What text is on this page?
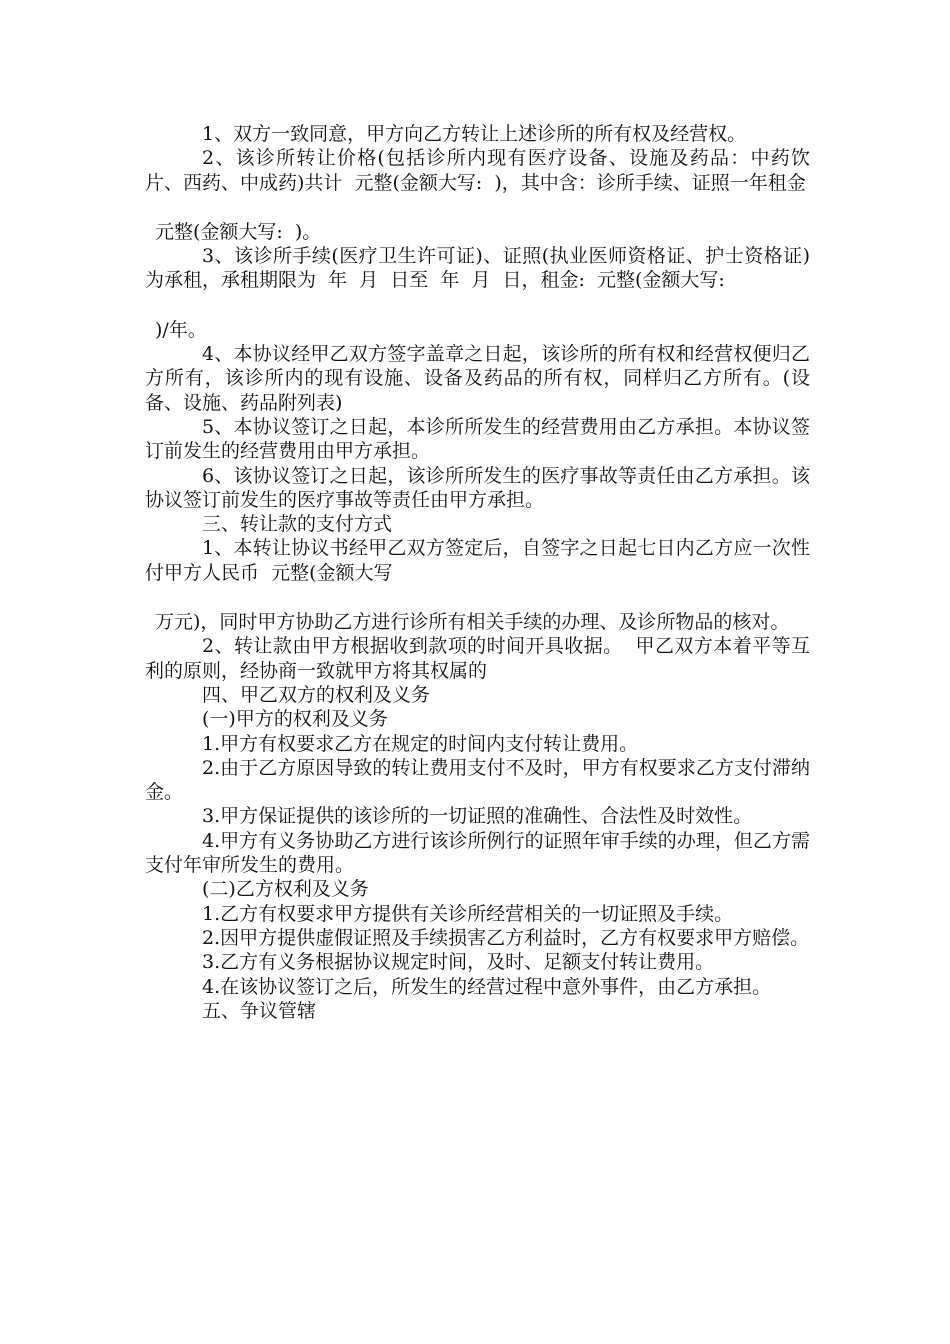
1、双方一致同意，甲方向乙方转让上述诊所的所有权及经营权。
2、该诊所转让价格(包括诊所内现有医疗设备、设施及药品：中药饮片、西药、中成药)共计  元整(金额大写:  )，其中含：诊所手续、证照一年租金
元整(金额大写:  )。
3、该诊所手续(医疗卫生许可证)、证照(执业医师资格证、护士资格证)为承租，承租期限为  年  月  日至  年  月  日，租金:  元整(金额大写:
)/年。
4、本协议经甲乙双方签字盖章之日起，该诊所的所有权和经营权便归乙方所有，该诊所内的现有设施、设备及药品的所有权，同样归乙方所有。(设备、设施、药品附列表)
5、本协议签订之日起，本诊所所发生的经营费用由乙方承担。本协议签订前发生的经营费用由甲方承担。
6、该协议签订之日起，该诊所所发生的医疗事故等责任由乙方承担。该协议签订前发生的医疗事故等责任由甲方承担。
三、转让款的支付方式
1、本转让协议书经甲乙双方签定后，自签字之日起七日内乙方应一次性付甲方人民币  元整(金额大写
万元)，同时甲方协助乙方进行诊所有相关手续的办理、及诊所物品的核对。
2、转让款由甲方根据收到款项的时间开具收据。  甲乙双方本着平等互利的原则，经协商一致就甲方将其权属的
四、甲乙双方的权利及义务
(一)甲方的权利及义务
1.甲方有权要求乙方在规定的时间内支付转让费用。
2.由于乙方原因导致的转让费用支付不及时，甲方有权要求乙方支付滞纳金。
3.甲方保证提供的该诊所的一切证照的准确性、合法性及时效性。
4.甲方有义务协助乙方进行该诊所例行的证照年审手续的办理，但乙方需支付年审所发生的费用。
(二)乙方权利及义务
1.乙方有权要求甲方提供有关诊所经营相关的一切证照及手续。
2.因甲方提供虚假证照及手续损害乙方利益时，乙方有权要求甲方赔偿。
3.乙方有义务根据协议规定时间，及时、足额支付转让费用。
4.在该协议签订之后，所发生的经营过程中意外事件，由乙方承担。
五、争议管辖
